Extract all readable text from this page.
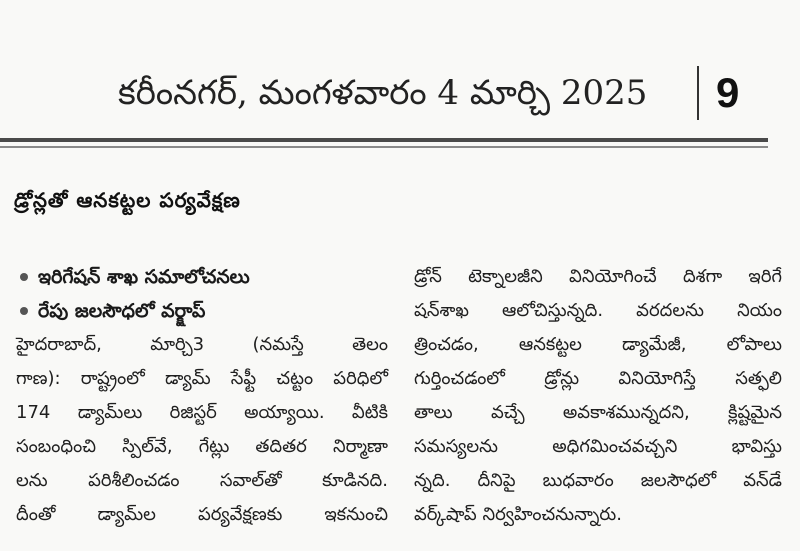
కరీంనగర్, మంగళవారం 4 మార్చి 2025	9
డ్రోన్లతో ఆనకట్టల పర్యవేక్షణ
ఇరిగేషన్ శాఖ సమాలోచనలు
రేపు జలసౌధలో వర్క్షాప్
హైదరాబాద్, మార్చి3 (నమస్తే తెలం
గాణ): రాష్ట్రంలో డ్యామ్ సేఫ్టీ చట్టం పరిధిలో
174 డ్యామ్‌లు రిజిస్టర్ అయ్యాయి. వీటికి
సంబంధించి స్పిల్‌వే, గేట్లు తదితర నిర్మాణా
లను పరిశీలించడం సవాల్‌తో కూడినది.
దీంతో డ్యామ్‌ల పర్యవేక్షణకు ఇకనుంచి
డ్రోన్ టెక్నాలజీని వినియోగించే దిశగా ఇరిగే
షన్‌శాఖ ఆలోచిస్తున్నది. వరదలను నియం
త్రించడం, ఆనకట్టల డ్యామేజీ, లోపాలు
గుర్తించడంలో డ్రోన్లు వినియోగిస్తే సత్ఫలి
తాలు వచ్చే అవకాశమున్నదని, క్లిష్టమైన
సమస్యలను అధిగమించవచ్చని భావిస్తు
న్నది. దీనిపై బుధవారం జలసౌధలో వన్‌డే
వర్క్‌షాప్ నిర్వహించనున్నారు.
